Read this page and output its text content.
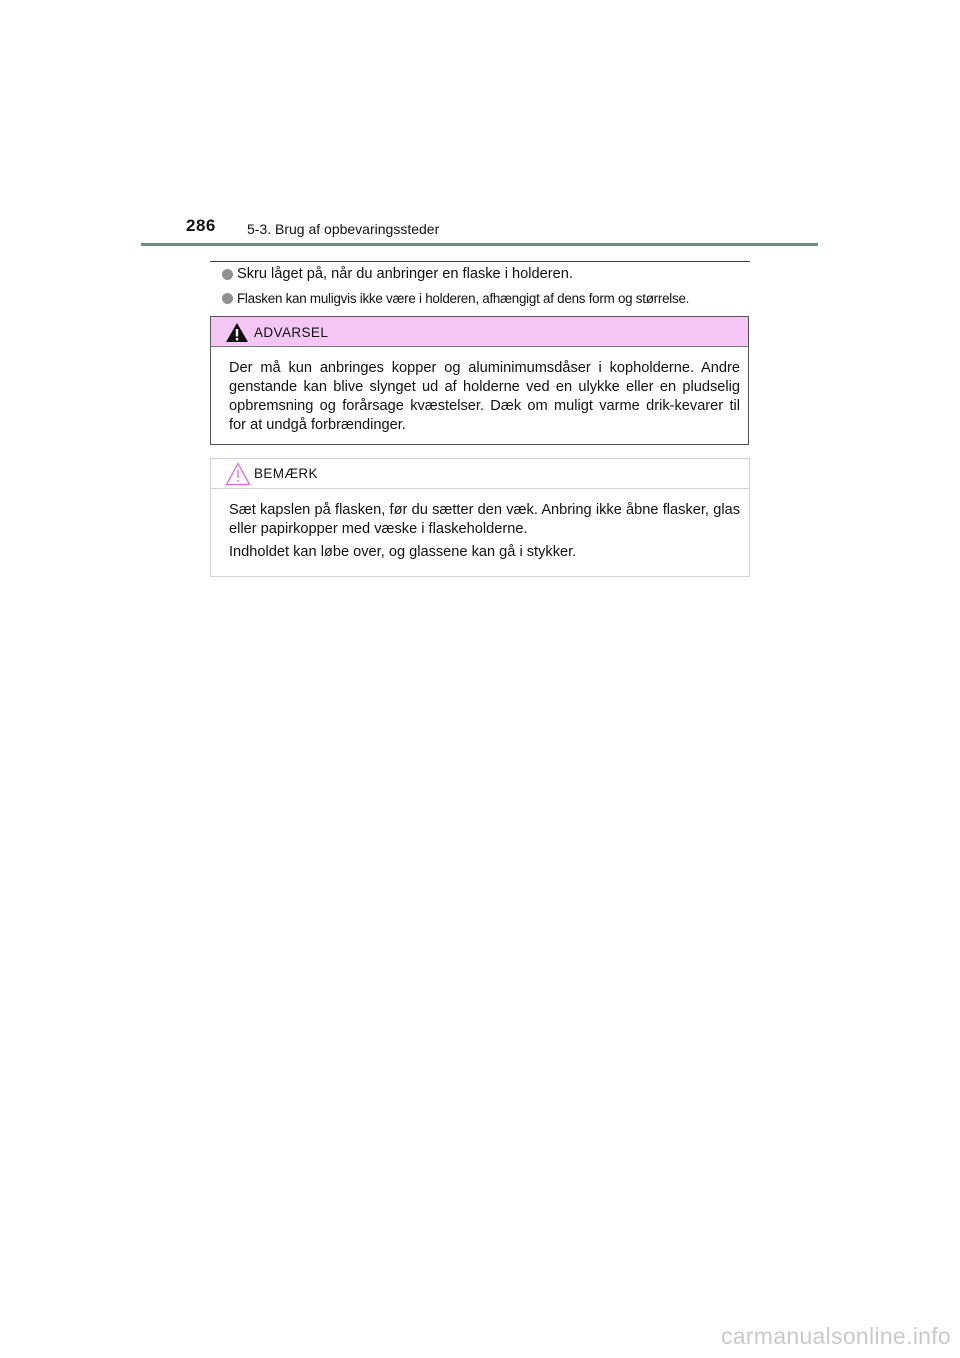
286 5-3. Brug af opbevaringssteder
Skru låget på, når du anbringer en flaske i holderen.
Flasken kan muligvis ikke være i holderen, afhængigt af dens form og størrelse.
ADVARSEL
Der må kun anbringes kopper og aluminimumsdåser i kopholderne. Andre genstande kan blive slynget ud af holderne ved en ulykke eller en pludselig opbremsning og forårsage kvæstelser. Dæk om muligt varme drik-kevarer til for at undgå forbrændinger.
BEMÆRK

Sæt kapslen på flasken, før du sætter den væk. Anbring ikke åbne flasker, glas eller papirkopper med væske i flaskeholderne.

Indholdet kan løbe over, og glassene kan gå i stykker.

carmanualsonline.info
